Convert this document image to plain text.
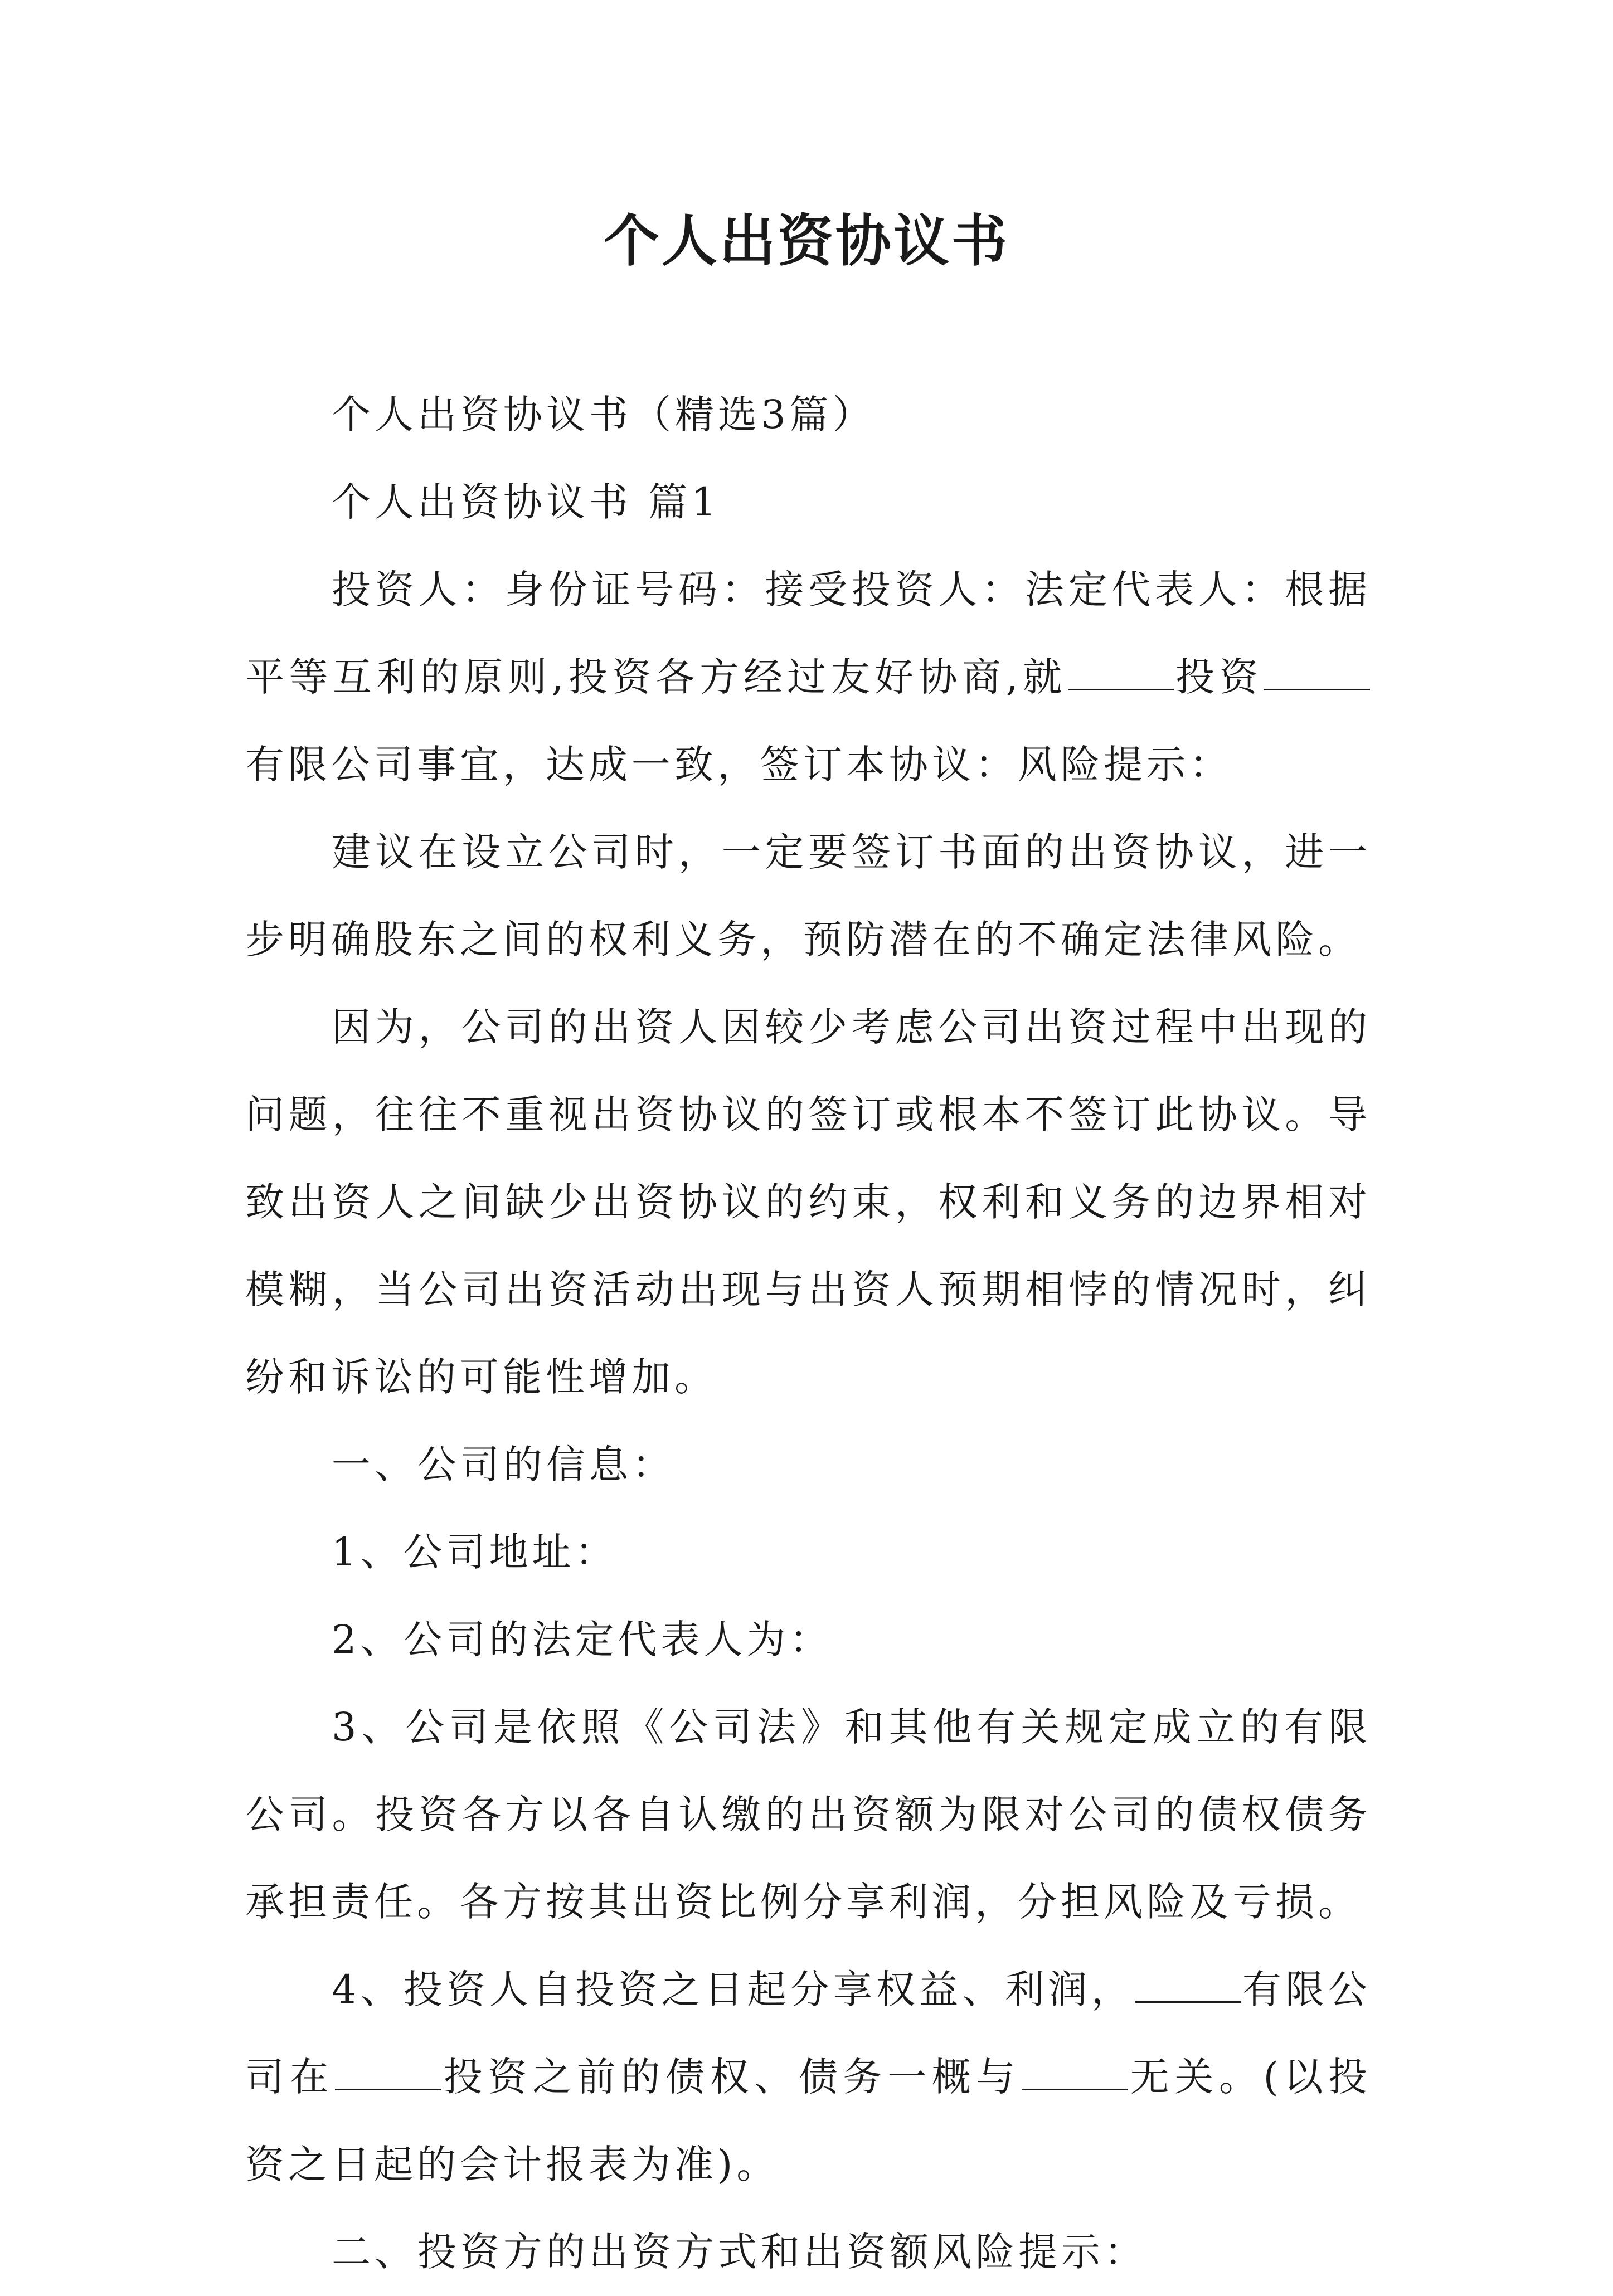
个人出资协议书

个人出资协议书（精选3篇）

个人出资协议书 篇1

投资人：身份证号码：接受投资人：法定代表人：根据平等互利的原则,投资各方经过友好协商,就	投资有限公司事宜，达成一致，签订本协议：风险提示：

建议在设立公司时，一定要签订书面的出资协议，进一步明确股东之间的权利义务，预防潜在的不确定法律风险。

因为，公司的出资人因较少考虑公司出资过程中出现的问题，往往不重视出资协议的签订或根本不签订此协议。导致出资人之间缺少出资协议的约束，权利和义务的边界相对模糊，当公司出资活动出现与出资人预期相悖的情况时，纠纷和诉讼的可能性增加。

一、公司的信息：

1、公司地址：

2、公司的法定代表人为：

3、公司是依照《公司法》和其他有关规定成立的有限公司。投资各方以各自认缴的出资额为限对公司的债权债务承担责任。各方按其出资比例分享利润，分担风险及亏损。

4、投资人自投资之日起分享权益、利润，	有限公司在	投资之前的债权、债务一概与	无关。(以投资之日起的会计报表为准)。

二、投资方的出资方式和出资额风险提示：
